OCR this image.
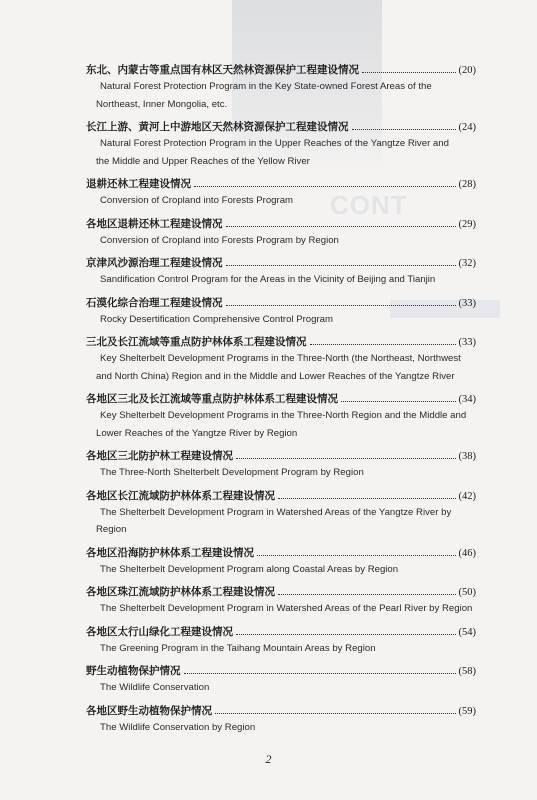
CONT
东北、内蒙古等重点国有林区天然林资源保护工程建设情况	(20)
Natural Forest Protection Program in the Key State-owned Forest Areas of the
Northeast, Inner Mongolia, etc.
长江上游、黄河上中游地区天然林资源保护工程建设情况	(24)
Natural Forest Protection Program in the Upper Reaches of the Yangtze River and
the Middle and Upper Reaches of the Yellow River
退耕还林工程建设情况	(28)
Conversion of Cropland into Forests Program
各地区退耕还林工程建设情况	(29)
Conversion of Cropland into Forests Program by Region
京津风沙源治理工程建设情况	(32)
Sandification Control Program for the Areas in the Vicinity of Beijing and Tianjin
石漠化综合治理工程建设情况	(33)
Rocky Desertification Comprehensive Control Program
三北及长江流域等重点防护林体系工程建设情况	(33)
Key Shelterbelt Development Programs in the Three-North (the Northeast, Northwest
and North China) Region and in the Middle and Lower Reaches of the Yangtze River
各地区三北及长江流域等重点防护林体系工程建设情况	(34)
Key Shelterbelt Development Programs in the Three-North Region and the Middle and
Lower Reaches of the Yangtze River by Region
各地区三北防护林工程建设情况	(38)
The Three-North Shelterbelt Development Program by Region
各地区长江流域防护林体系工程建设情况	(42)
The Shelterbelt Development Program in Watershed Areas of the Yangtze River by
Region
各地区沿海防护林体系工程建设情况	(46)
The Shelterbelt Development Program along Coastal Areas by Region
各地区珠江流域防护林体系工程建设情况	(50)
The Shelterbelt Development Program in Watershed Areas of the Pearl River by Region
各地区太行山绿化工程建设情况	(54)
The Greening Program in the Taihang Mountain Areas by Region
野生动植物保护情况	(58)
The Wildlife Conservation
各地区野生动植物保护情况	(59)
The Wildlife Conservation by Region
2
